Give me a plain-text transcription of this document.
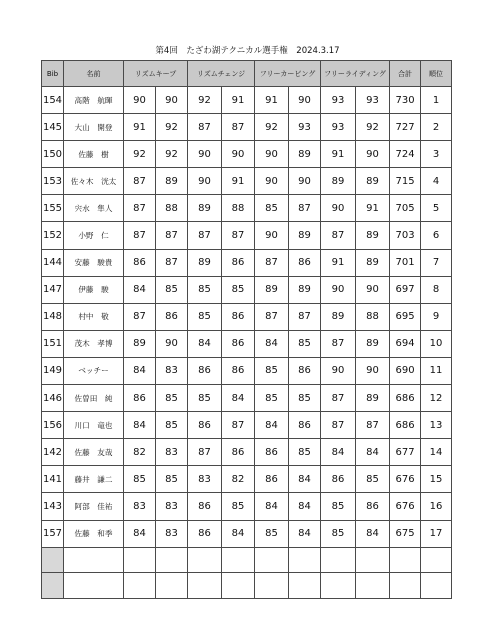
第4回　たざわ湖テクニカル選手権　2024.3.17
Bib	名前	リズムキープ		リズムチェンジ		フリーカービング		フリーライディング		合計	順位
154	高階　航暉	90	90	92	91	91	90	93	93	730	1
145	大山　開登	91	92	87	87	92	93	93	92	727	2
150	佐藤　樹	92	92	90	90	90	89	91	90	724	3
153	佐々木　洸太	87	89	90	91	90	90	89	89	715	4
155	宍水　隼人	87	88	89	88	85	87	90	91	705	5
152	小野　仁	87	87	87	87	90	89	87	89	703	6
144	安藤　駿貴	86	87	89	86	87	86	91	89	701	7
147	伊藤　駿	84	85	85	85	89	89	90	90	697	8
148	村中　敬	87	86	85	86	87	87	89	88	695	9
151	茂木　孝博	89	90	84	86	84	85	87	89	694	10
149	ベッチー	84	83	86	86	85	86	90	90	690	11
146	佐曽田　純	86	85	85	84	85	85	87	89	686	12
156	川口　竜也	84	85	86	87	84	86	87	87	686	13
142	佐藤　友哉	82	83	87	86	86	85	84	84	677	14
141	藤井　謙二	85	85	83	82	86	84	86	85	676	15
143	阿部　佳祐	83	83	86	85	84	84	85	86	676	16
157	佐藤　和季	84	83	86	84	85	84	85	84	675	17
